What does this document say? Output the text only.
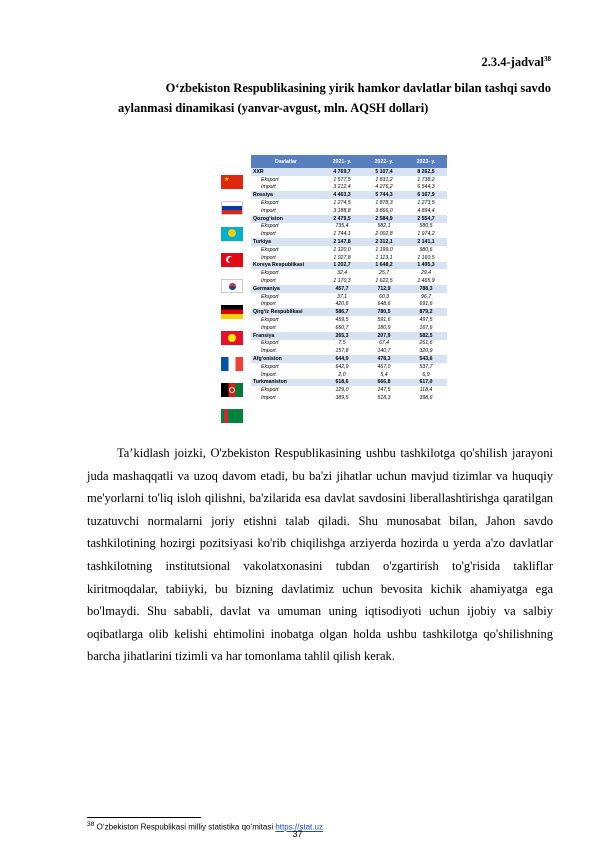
2.3.4-jadval$^{38}$
O‘zbekiston Respublikasining yirik hamkor davlatlar bilan tashqi savdo
aylanmasi dinamikasi (yanvar-avgust, mln. AQSH dollari)
★
Davlatlar	2021- y.	2022- y.	2023- y.
XXR	4 769,7	5 107,4	8 262,5
Eksport	1 577,5	1 831,2	1 738,2
Import	3 212,4	4 276,2	6 544,3
Rossiya	4 463,3	5 744,3	6 167,9
Eksport	1 274,5	1 878,3	1 273,5
Import	3 188,8	3 866,0	4 894,4
Qozog‘iston	2 479,5	2 584,9	2 554,7
Eksport	735,4	582,1	580,5
Import	1 744,1	2 002,8	1 974,2
Turkiya	2 147,8	2 312,1	2 141,1
Eksport	1 120,0	1 199,0	980,6
Import	1 027,8	1 113,1	1 160,5
Koreya Respublikasi	1 202,7	1 648,2	1 495,3
Eksport	32,4	25,7	29,4
Import	1 170,3	1 622,5	1 465,9
Germaniya	457,7	712,9	788,3
Eksport	37,1	60,3	96,7
Import	420,6	648,6	691,6
Qirg‘iz Respublikasi	586,7	780,5	879,2
Eksport	459,5	591,6	497,5
Import	660,7	180,9	167,6
Fransiya	265,3	207,9	582,5
Eksport	7,5	67,4	261,6
Import	157,8	140,7	320,9
Afg‘oniston	644,9	478,3	543,6
Eksport	642,9	467,0	537,7
Import	2,0	5,4	6,9
Turkmaniston	618,6	666,8	617,0
Eksport	129,0	147,5	118,4
Import	389,5	518,3	398,6

Ta’kidlash joizki, O'zbekiston Respublikasining ushbu tashkilotga qo'shilish jarayoni juda mashaqqatli va uzoq davom etadi, bu ba'zi jihatlar uchun mavjud tizimlar va huquqiy me'yorlarni to'liq isloh qilishni, ba'zilarida esa davlat savdosini liberallashtirishga qaratilgan tuzatuvchi normalarni joriy etishni talab qiladi. Shu munosabat bilan, Jahon savdo tashkilotining hozirgi pozitsiyasi ko'rib chiqilishga arziyerda hozirda u yerda a'zo davlatlar tashkilotning institutsional vakolatxonasini tubdan o'zgartirish to'g'risida takliflar kiritmoqdalar, tabiiyki, bu bizning davlatimiz uchun bevosita kichik ahamiyatga ega bo'lmaydi. Shu sababli, davlat va umuman uning iqtisodiyoti uchun ijobiy va salbiy oqibatlarga olib kelishi ehtimolini inobatga olgan holda ushbu tashkilotga qo'shilishning barcha jihatlarini tizimli va har tomonlama tahlil qilish kerak.

$^{38}$ O‘zbekiston Respublikasi milliy statistika qo‘mitasi https://stat.uz
37
